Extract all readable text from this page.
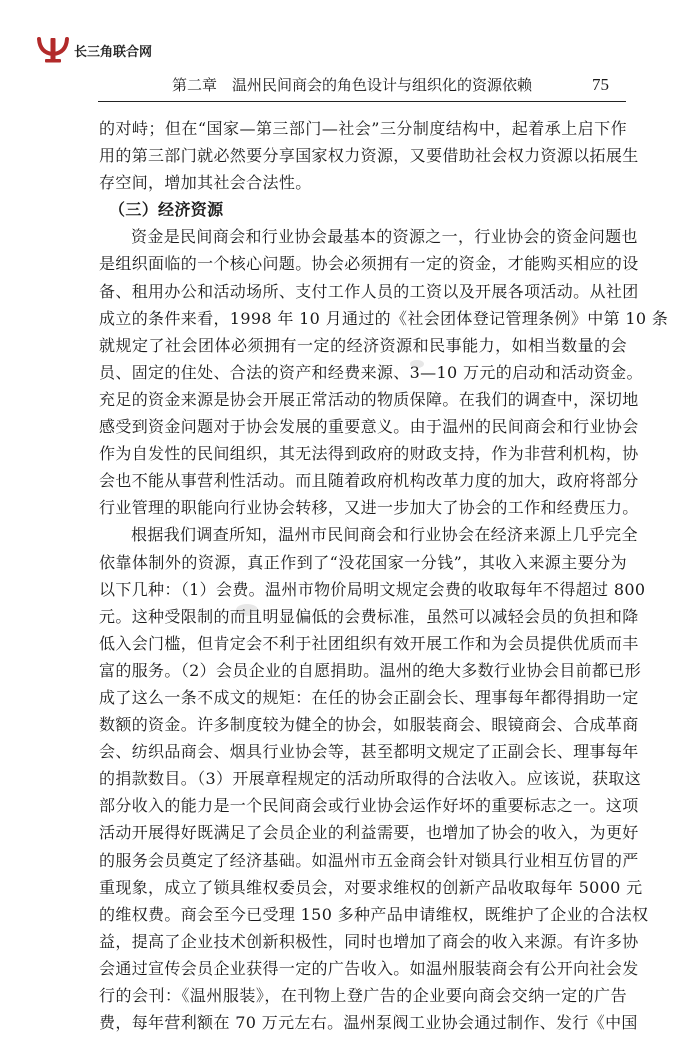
长三角联合网
第二章　温州民间商会的角色设计与组织化的资源依赖	75
的对峙；但在“国家—第三部门—社会”三分制度结构中，起着承上启下作
用的第三部门就必然要分享国家权力资源，又要借助社会权力资源以拓展生
存空间，增加其社会合法性。
（三）经济资源
资金是民间商会和行业协会最基本的资源之一，行业协会的资金问题也
是组织面临的一个核心问题。协会必须拥有一定的资金，才能购买相应的设
备、租用办公和活动场所、支付工作人员的工资以及开展各项活动。从社团
成立的条件来看，1998 年 10 月通过的《社会团体登记管理条例》中第 10 条
就规定了社会团体必须拥有一定的经济资源和民事能力，如相当数量的会
员、固定的住处、合法的资产和经费来源、3—10 万元的启动和活动资金。
充足的资金来源是协会开展正常活动的物质保障。在我们的调查中，深切地
感受到资金问题对于协会发展的重要意义。由于温州的民间商会和行业协会
作为自发性的民间组织，其无法得到政府的财政支持，作为非营利机构，协
会也不能从事营利性活动。而且随着政府机构改革力度的加大，政府将部分
行业管理的职能向行业协会转移，又进一步加大了协会的工作和经费压力。
根据我们调查所知，温州市民间商会和行业协会在经济来源上几乎完全
依靠体制外的资源，真正作到了“没花国家一分钱”，其收入来源主要分为
以下几种：（1）会费。温州市物价局明文规定会费的收取每年不得超过 800
元。这种受限制的而且明显偏低的会费标准，虽然可以减轻会员的负担和降
低入会门槛，但肯定会不利于社团组织有效开展工作和为会员提供优质而丰
富的服务。（2）会员企业的自愿捐助。温州的绝大多数行业协会目前都已形
成了这么一条不成文的规矩：在任的协会正副会长、理事每年都得捐助一定
数额的资金。许多制度较为健全的协会，如服装商会、眼镜商会、合成革商
会、纺织品商会、烟具行业协会等，甚至都明文规定了正副会长、理事每年
的捐款数目。（3）开展章程规定的活动所取得的合法收入。应该说，获取这
部分收入的能力是一个民间商会或行业协会运作好坏的重要标志之一。这项
活动开展得好既满足了会员企业的利益需要，也增加了协会的收入，为更好
的服务会员奠定了经济基础。如温州市五金商会针对锁具行业相互仿冒的严
重现象，成立了锁具维权委员会，对要求维权的创新产品收取每年 5000 元
的维权费。商会至今已受理 150 多种产品申请维权，既维护了企业的合法权
益，提高了企业技术创新积极性，同时也增加了商会的收入来源。有许多协
会通过宣传会员企业获得一定的广告收入。如温州服装商会有公开向社会发
行的会刊：《温州服装》，在刊物上登广告的企业要向商会交纳一定的广告
费，每年营利额在 70 万元左右。温州泵阀工业协会通过制作、发行《中国
